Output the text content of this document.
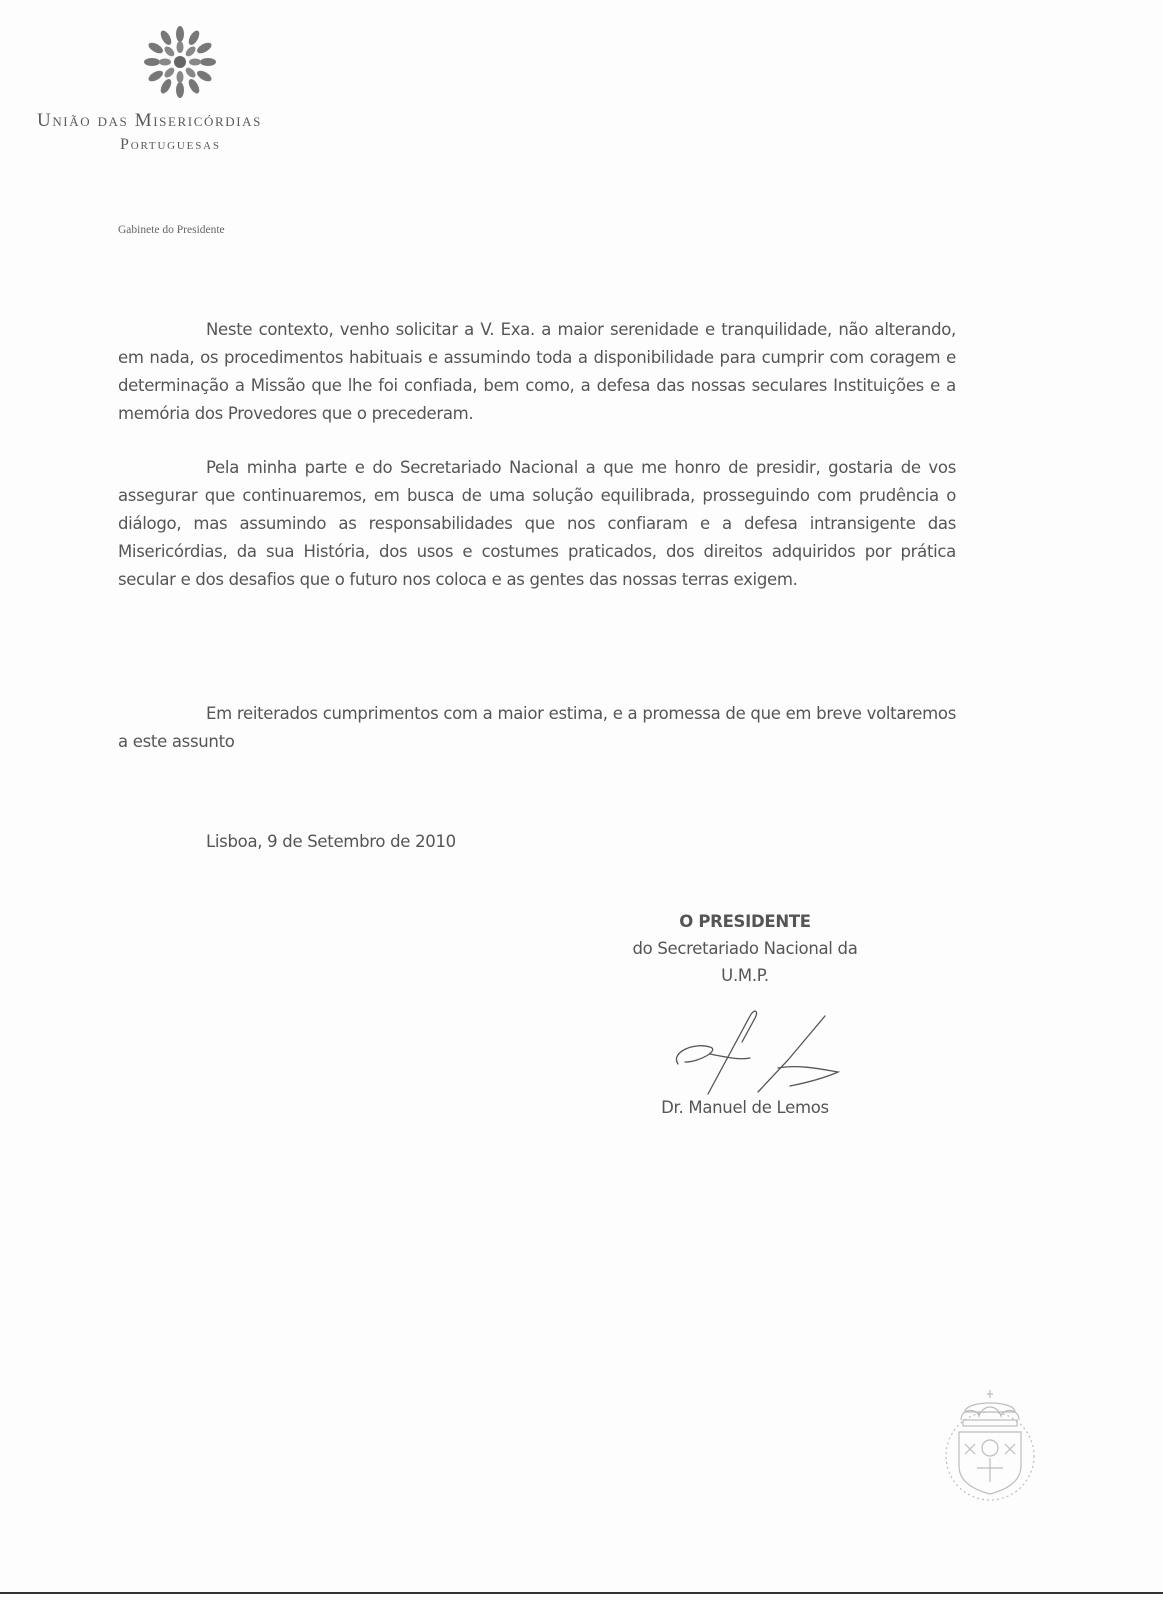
União das Misericórdias
Portuguesas
Gabinete do Presidente

Neste contexto, venho solicitar a V. Exa. a maior serenidade e tranquilidade, não alterando, em nada, os procedimentos habituais e assumindo toda a disponibilidade para cumprir com coragem e determinação a Missão que lhe foi confiada, bem como, a defesa das nossas seculares Instituições e a memória dos Provedores que o precederam.

Pela minha parte e do Secretariado Nacional a que me honro de presidir, gostaria de vos assegurar que continuaremos, em busca de uma solução equilibrada, prosseguindo com prudência o diálogo, mas assumindo as responsabilidades que nos confiaram e a defesa intransigente das Misericórdias, da sua História, dos usos e costumes praticados, dos direitos adquiridos por prática secular e dos desafios que o futuro nos coloca e as gentes das nossas terras exigem.

Em reiterados cumprimentos com a maior estima, e a promessa de que em breve voltaremos a este assunto

Lisboa, 9 de Setembro de 2010
O PRESIDENTE
do Secretariado Nacional da
U.M.P.
Dr. Manuel de Lemos
